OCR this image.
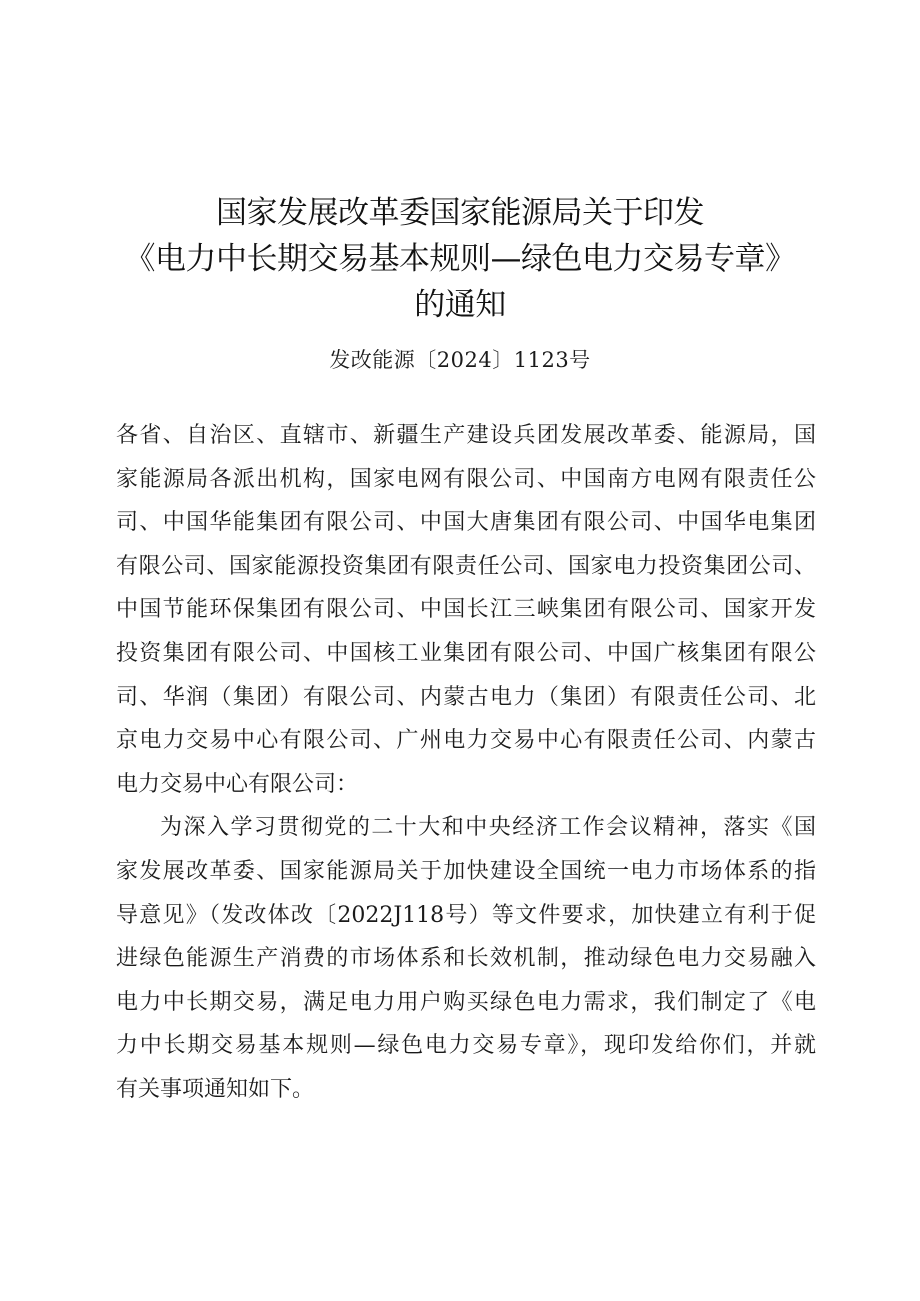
国家发展改革委国家能源局关于印发
《电力中长期交易基本规则—绿色电力交易专章》
的通知
发改能源〔2024〕1123号
各省、自治区、直辖市、新疆生产建设兵团发展改革委、能源局，国
家能源局各派出机构，国家电网有限公司、中国南方电网有限责任公
司、中国华能集团有限公司、中国大唐集团有限公司、中国华电集团
有限公司、国家能源投资集团有限责任公司、国家电力投资集团公司、
中国节能环保集团有限公司、中国长江三峡集团有限公司、国家开发
投资集团有限公司、中国核工业集团有限公司、中国广核集团有限公
司、华润（集团）有限公司、内蒙古电力（集团）有限责任公司、北
京电力交易中心有限公司、广州电力交易中心有限责任公司、内蒙古
电力交易中心有限公司：
为深入学习贯彻党的二十大和中央经济工作会议精神，落实《国
家发展改革委、国家能源局关于加快建设全国统一电力市场体系的指
导意见》（发改体改〔2022J118号）等文件要求，加快建立有利于促
进绿色能源生产消费的市场体系和长效机制，推动绿色电力交易融入
电力中长期交易，满足电力用户购买绿色电力需求，我们制定了《电
力中长期交易基本规则—绿色电力交易专章》，现印发给你们，并就
有关事项通知如下。
